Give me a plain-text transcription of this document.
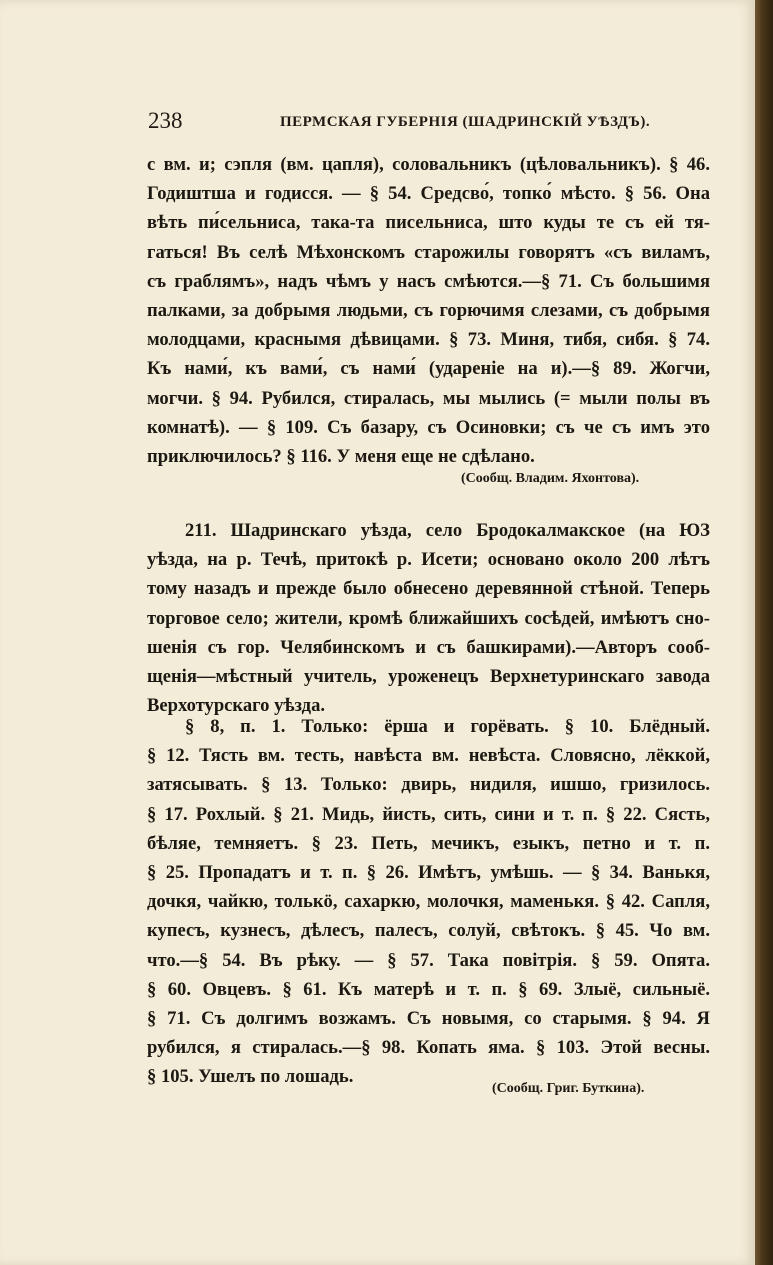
238	ПЕРМСКАЯ ГУБЕРНІЯ (ШАДРИНСКІЙ УѢЗДЪ).
с вм. и; сэпля (вм. цапля), соловальникъ (цѣловальникъ). § 46.
Годиштша и годисся. — § 54. Средсво́, топко́ мѣсто. § 56. Она
вѣть пи́сельниса, така-та писельниса, што куды те съ ей тя-
гаться! Въ селѣ Мѣхонскомъ старожилы говорятъ «съ виламъ,
съ граблямъ», надъ чѣмъ у насъ смѣются.—§ 71. Съ большимя
палками, за добрымя людьми, съ горючимя слезами, съ добрымя
молодцами, краснымя дѣвицами. § 73. Миня, тибя, сибя. § 74.
Къ нами́, къ вами́, съ нами́ (удареніе на и).—§ 89. Жогчи,
могчи. § 94. Рубился, стиралась, мы мылись (= мыли полы въ
комнатѣ). — § 109. Съ базару, съ Осиновки; съ че съ имъ это
приключилось? § 116. У меня еще не сдѣлано.
(Сообщ. Владим. Яхонтова).
211. Шадринскаго уѣзда, село Бродокалмакское (на ЮЗ
уѣзда, на р. Течѣ, притокѣ р. Исети; основано около 200 лѣтъ
тому назадъ и прежде было обнесено деревянной стѣной. Теперь
торговое село; жители, кромѣ ближайшихъ сосѣдей, имѣютъ сно-
шенія съ гор. Челябинскомъ и съ башкирами).—Авторъ сооб-
щенія—мѣстный учитель, уроженецъ Верхнетуринскаго завода
Верхотурскаго уѣзда.
§ 8, п. 1. Только: ёрша и горёвать. § 10. Блёдный.
§ 12. Тясть вм. тесть, навѣста вм. невѣста. Словясно, лёккой,
затясывать. § 13. Только: двирь, нидиля, ишшо, гризилось.
§ 17. Рохлый. § 21. Мидь, йисть, сить, сини и т. п. § 22. Сясть,
бѣляе, темняетъ. § 23. Петь, мечикъ, езыкъ, петно и т. п.
§ 25. Пропадатъ и т. п. § 26. Имѣтъ, умѣшь. — § 34. Ванькя,
дочкя, чайкю, толькӧ, сахаркю, молочкя, маменькя. § 42. Сапля,
купесъ, кузнесъ, дѣлесъ, палесъ, солуй, свѣтокъ. § 45. Чо вм.
что.—§ 54. Въ рѣку. — § 57. Така повітрія. § 59. Опята.
§ 60. Овцевъ. § 61. Къ матерѣ и т. п. § 69. Злыё, сильныё.
§ 71. Съ долгимъ возжамъ. Съ новымя, со старымя. § 94. Я
рубился, я стиралась.—§ 98. Копать яма. § 103. Этой весны.
§ 105. Ушелъ по лошадь.
(Сообщ. Григ. Буткина).
